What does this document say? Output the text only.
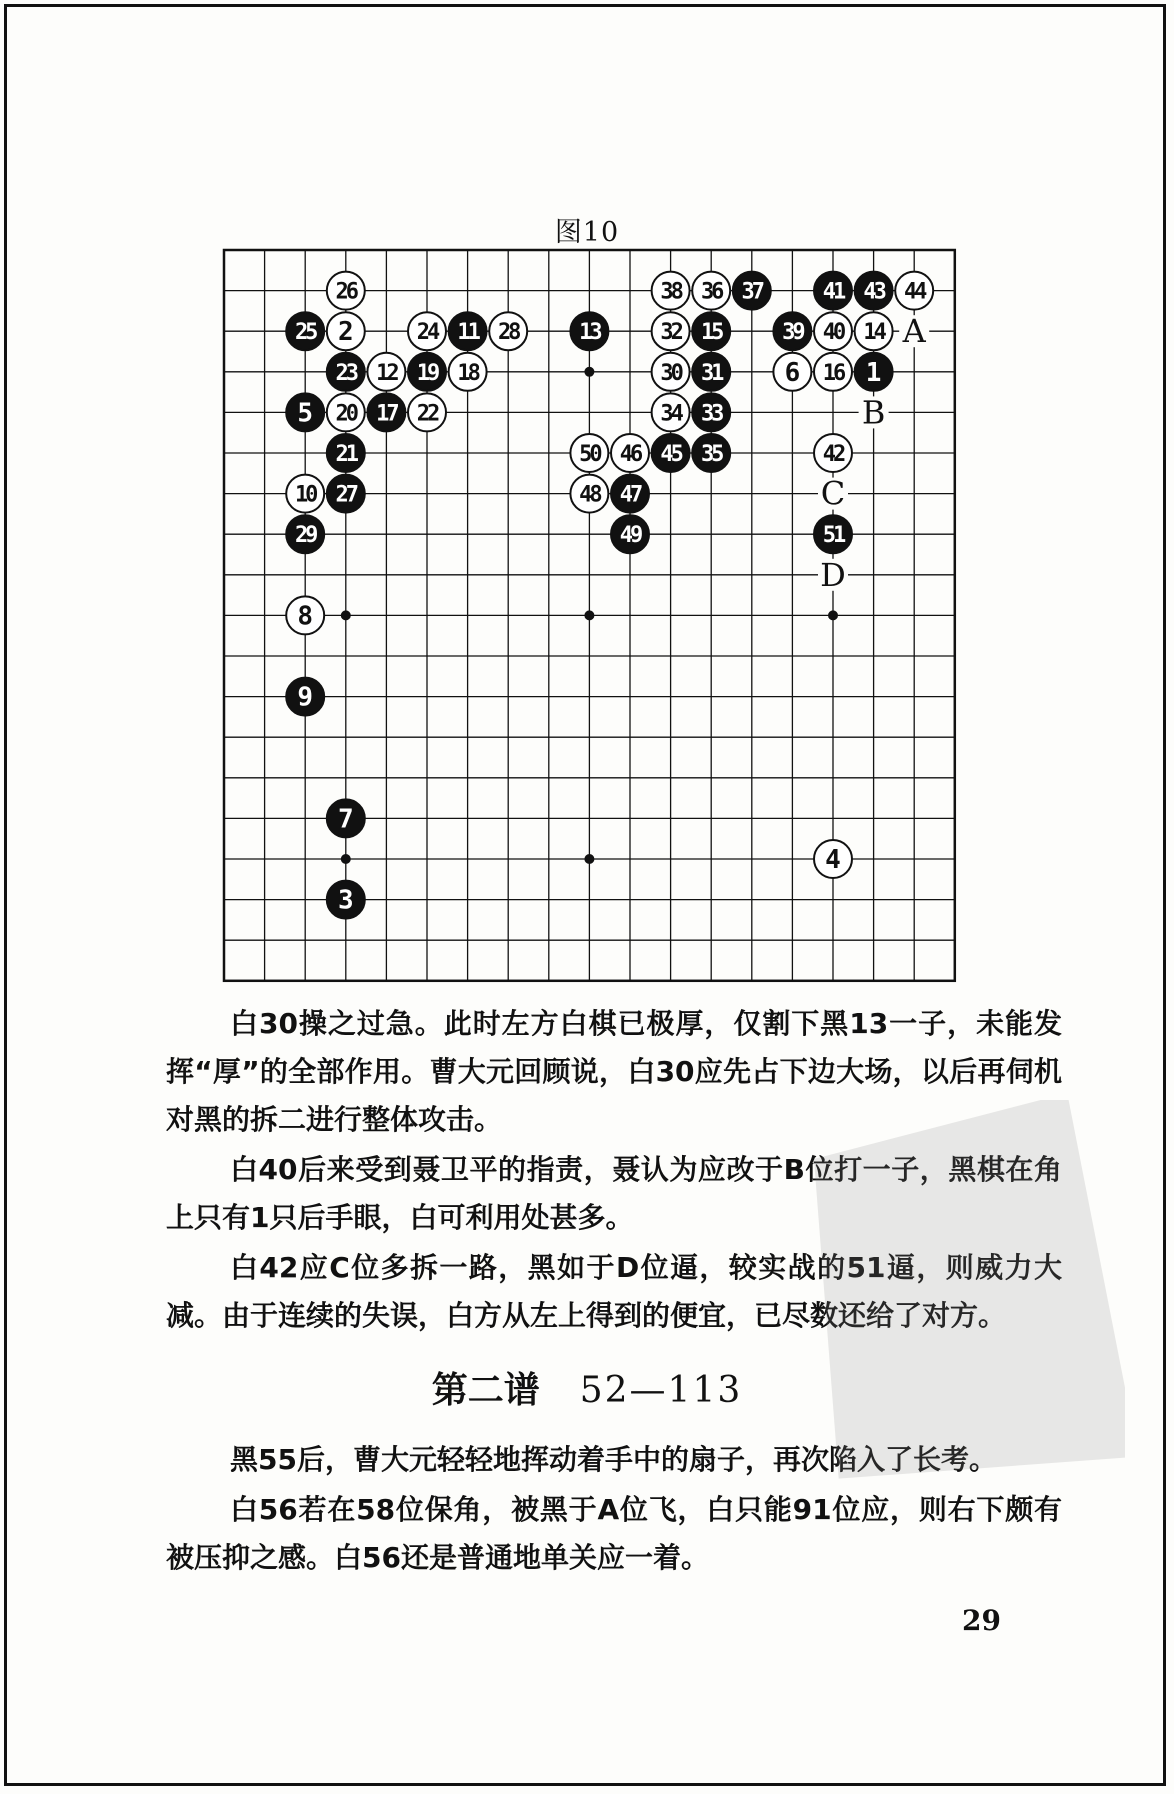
图10
1
3
5
7
9
11	13	15
17
19
21
23
25
27
29
31
33
35
37
39
41 43
45
47
49	51
2
4
6
8
10
12
14
16
18
20	22
24
26
28
30
32
34
36
38
40
42
44
46
48
50
A
B
C
D
白30操之过急。此时左方白棋已极厚，仅割下黑13一子，未能发挥“厚”的全部作用。曹大元回顾说，白30应先占下边大场，以后再伺机对黑的拆二进行整体攻击。
白40后来受到聂卫平的指责，聂认为应改于B位打一子，黑棋在角上只有1只后手眼，白可利用处甚多。
白42应C位多拆一路，黑如于D位逼，较实战的51逼，则威力大减。由于连续的失误，白方从左上得到的便宜，已尽数还给了对方。
第二谱 52—113
黑55后，曹大元轻轻地挥动着手中的扇子，再次陷入了长考。
白56若在58位保角，被黑于A位飞，白只能91位应，则右下颇有被压抑之感。白56还是普通地单关应一着。
29
